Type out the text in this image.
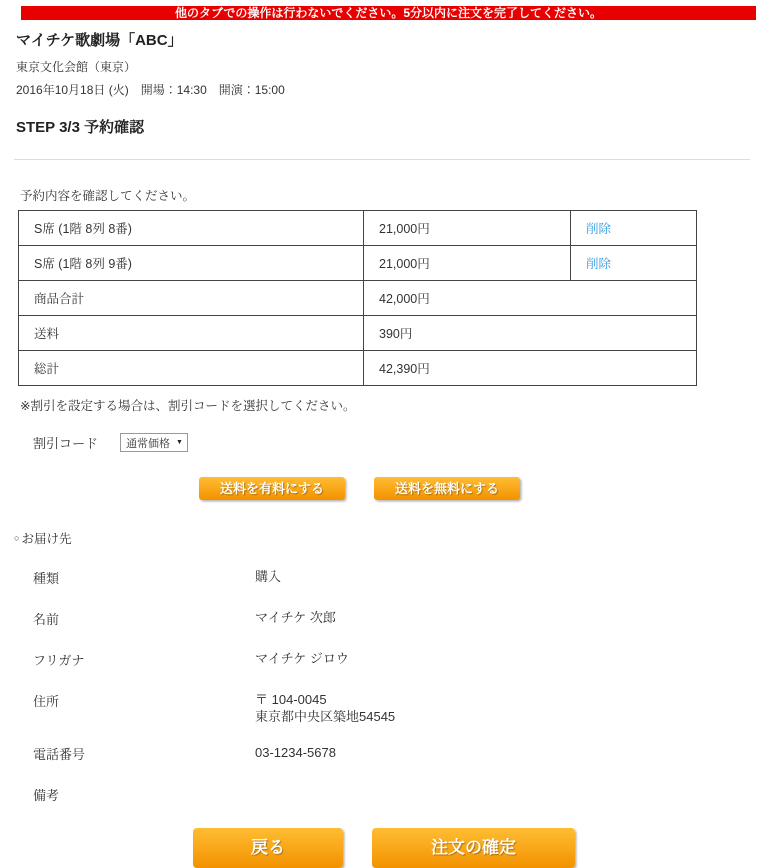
他のタブでの操作は行わないでください。5分以内に注文を完了してください。
マイチケ歌劇場「ABC」
東京文化会館（東京）
2016年10月18日 (火)　開場：14:30　開演：15:00
STEP 3/3 予約確認
予約内容を確認してください。
S席 (1階 8列 8番)	21,000円	削除
S席 (1階 8列 9番)	21,000円	削除
商品合計	42,000円	
送料	390円	
総計	42,390円	
※割引を設定する場合は、割引コードを選択してください。
割引コード	通常価格 ▼
送料を有料にする	送料を無料にする
○ お届け先
種類	購入
名前	マイチケ 次郎
フリガナ	マイチケ ジロウ
住所	〒 104-0045
東京都中央区築地54545
電話番号	03-1234-5678
備考
戻る	注文の確定
